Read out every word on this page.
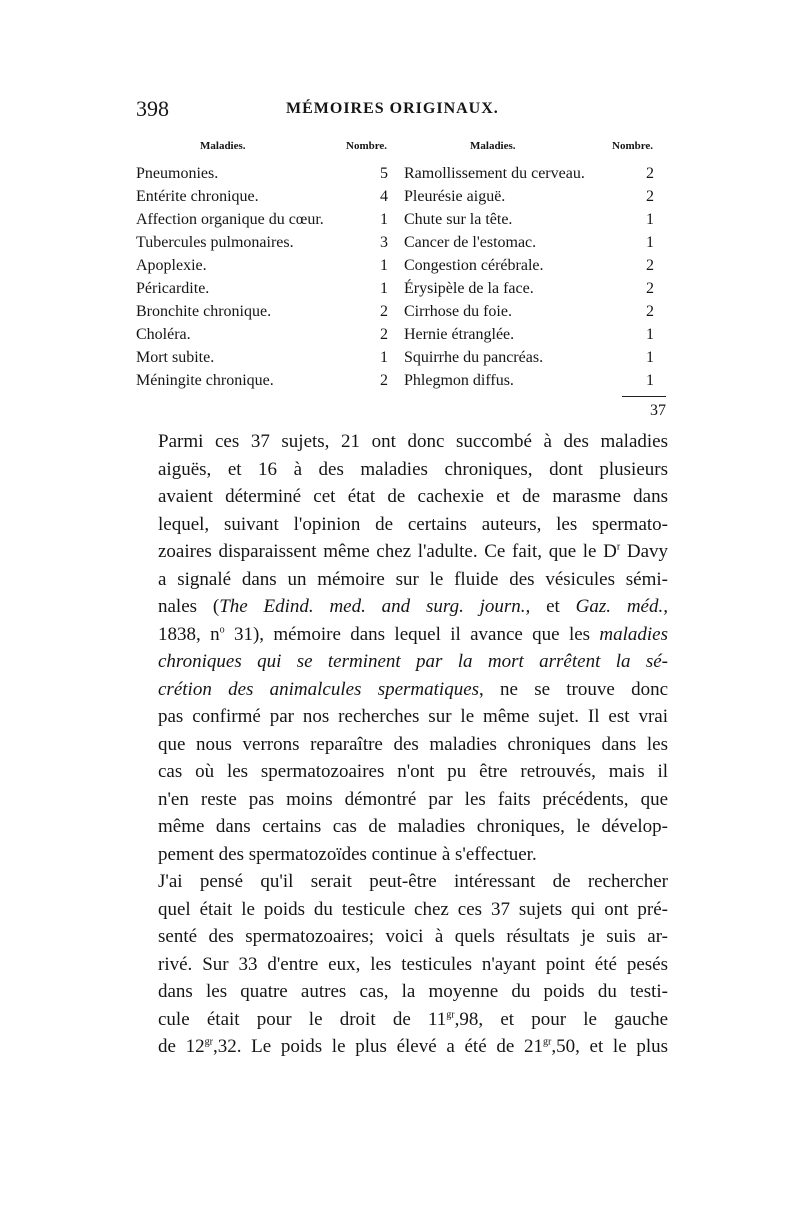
398	MÉMOIRES ORIGINAUX.
Maladies.	Nombre.	Maladies.	Nombre.
Pneumonies.	5 Ramollissement du cerveau.	2
Entérite chronique.	4 Pleurésie aiguë.	2
Affection organique du cœur.	1 Chute sur la tête.	1
Tubercules pulmonaires.	3 Cancer de l'estomac.	1
Apoplexie.	1 Congestion cérébrale.	2
Péricardite.	1 Érysipèle de la face.	2
Bronchite chronique.	2 Cirrhose du foie.	2
Choléra.	2 Hernie étranglée.	1
Mort subite.	1 Squirrhe du pancréas.	1
Méningite chronique.	2 Phlegmon diffus.	1
37

Parmi ces 37 sujets, 21 ont donc succombé à des maladies
aiguës, et 16 à des maladies chroniques, dont plusieurs
avaient déterminé cet état de cachexie et de marasme dans
lequel, suivant l'opinion de certains auteurs, les spermato-
zoaires disparaissent même chez l'adulte. Ce fait, que le $D^r$ Davy
a signalé dans un mémoire sur le fluide des vésicules sémi-
nales (The Edind. med. and surg. journ., et Gaz. méd.,
1838, $n^o$ 31), mémoire dans lequel il avance que les maladies
chroniques qui se terminent par la mort arrêtent la sé-
crétion des animalcules spermatiques, ne se trouve donc
pas confirmé par nos recherches sur le même sujet. Il est vrai
que nous verrons reparaître des maladies chroniques dans les
cas où les spermatozoaires n'ont pu être retrouvés, mais il
n'en reste pas moins démontré par les faits précédents, que
même dans certains cas de maladies chroniques, le dévelop-
pement des spermatozoïdes continue à s'effectuer.

J'ai pensé qu'il serait peut-être intéressant de rechercher
quel était le poids du testicule chez ces 37 sujets qui ont pré-
senté des spermatozoaires; voici à quels résultats je suis ar-
rivé. Sur 33 d'entre eux, les testicules n'ayant point été pesés
dans les quatre autres cas, la moyenne du poids du testi-
cule était pour le droit de $11^{gr},98$, et pour le gauche
de $12^{gr},32$. Le poids le plus élevé a été de $21^{gr},50$, et le plus
